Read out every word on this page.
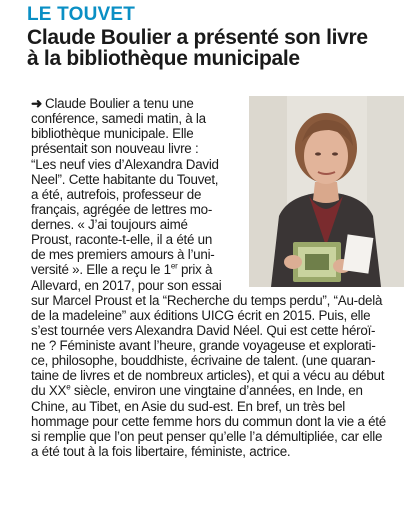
LE TOUVET
Claude Boulier a présenté son livre
à la bibliothèque municipale
➜ Claude Boulier a tenu une
conférence, samedi matin, à la
bibliothèque municipale. Elle
présentait son nouveau livre :
“Les neuf vies d’Alexandra David
Neel”. Cette habitante du Touvet,
a été, autrefois, professeur de
français, agrégée de lettres mo-
dernes. « J’ai toujours aimé
Proust, raconte-t-elle, il a été un
de mes premiers amours à l’uni-
versité ». Elle a reçu le 1er prix à
Allevard, en 2017, pour son essai
sur Marcel Proust et la “Recherche du temps perdu”, “Au-delà
de la madeleine” aux éditions UICG écrit en 2015. Puis, elle
s’est tournée vers Alexandra David Néel. Qui est cette héroï-
ne ? Féministe avant l’heure, grande voyageuse et explorati-
ce, philosophe, bouddhiste, écrivaine de talent. (une quaran-
taine de livres et de nombreux articles), et qui a vécu au début
du XXe siècle, environ une vingtaine d’années, en Inde, en
Chine, au Tibet, en Asie du sud-est. En bref, un très bel
hommage pour cette femme hors du commun dont la vie a été
si remplie que l’on peut penser qu’elle l’a démultipliée, car elle
a été tout à la fois libertaire, féministe, actrice.
